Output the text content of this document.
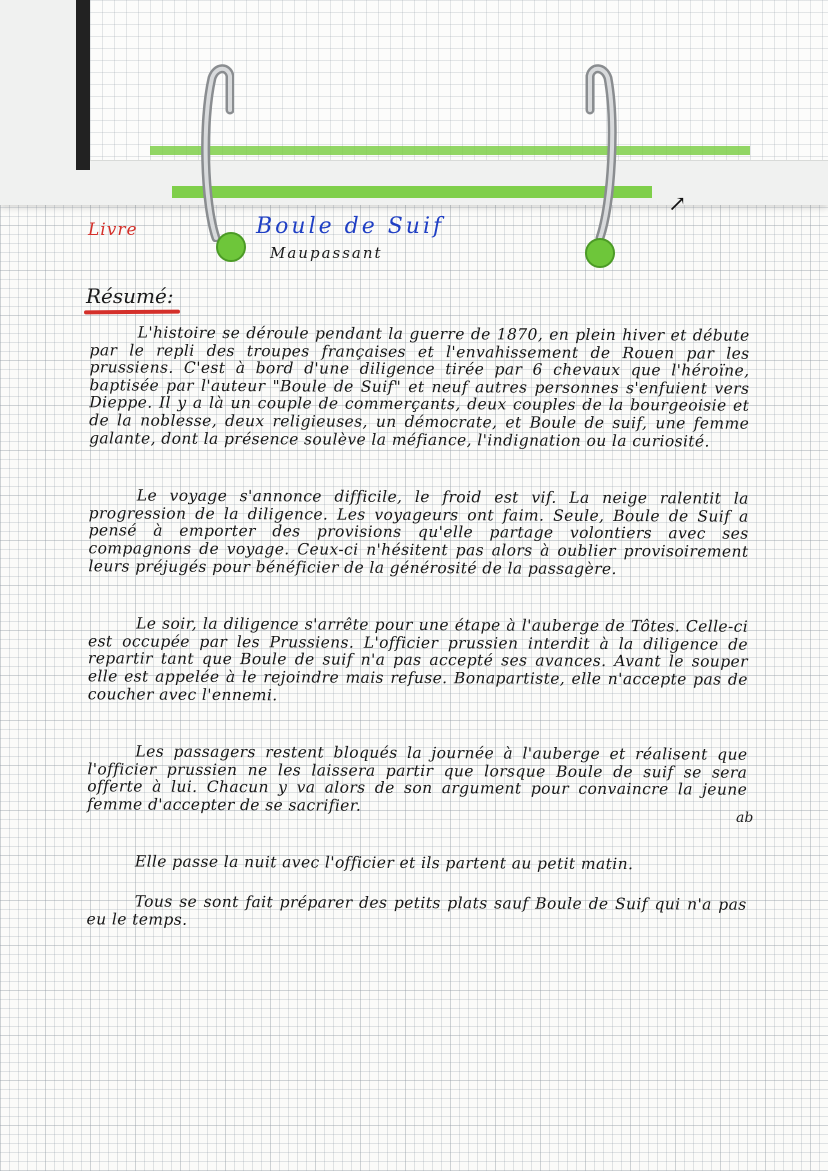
↗
Livre	Boule de Suif
Maupassant
Résumé:

L'histoire se déroule pendant la guerre de 1870, en plein hiver et débute par le repli des troupes françaises et l'envahissement de Rouen par les prussiens. C'est à bord d'une diligence tirée par 6 chevaux que l'héroïne, baptisée par l'auteur "Boule de Suif" et neuf autres personnes s'enfuient vers Dieppe. Il y a là un couple de commerçants, deux couples de la bourgeoisie et de la noblesse, deux religieuses, un démocrate, et Boule de suif, une femme galante, dont la présence soulève la méfiance, l'indignation ou la curiosité.

Le voyage s'annonce difficile, le froid est vif. La neige ralentit la progression de la diligence. Les voyageurs ont faim. Seule, Boule de Suif a pensé à emporter des provisions qu'elle partage volontiers avec ses compagnons de voyage. Ceux-ci n'hésitent pas alors à oublier provisoirement leurs préjugés pour bénéficier de la générosité de la passagère.

Le soir, la diligence s'arrête pour une étape à l'auberge de Tôtes. Celle-ci est occupée par les Prussiens. L'officier prussien interdit à la diligence de repartir tant que Boule de suif n'a pas accepté ses avances. Avant le souper elle est appelée à le rejoindre mais refuse. Bonapartiste, elle n'accepte pas de coucher avec l'ennemi.

Les passagers restent bloqués la journée à l'auberge et réalisent que l'officier prussien ne les laissera partir que lorsque Boule de suif se sera offerte à lui. Chacun y va alors de son argument pour convaincre la jeune femme d'accepter de se sacrifier.

Elle passe la nuit avec l'officier et ils partent au petit matin.

Tous se sont fait préparer des petits plats sauf Boule de Suif qui n'a pas eu le temps.

ab
